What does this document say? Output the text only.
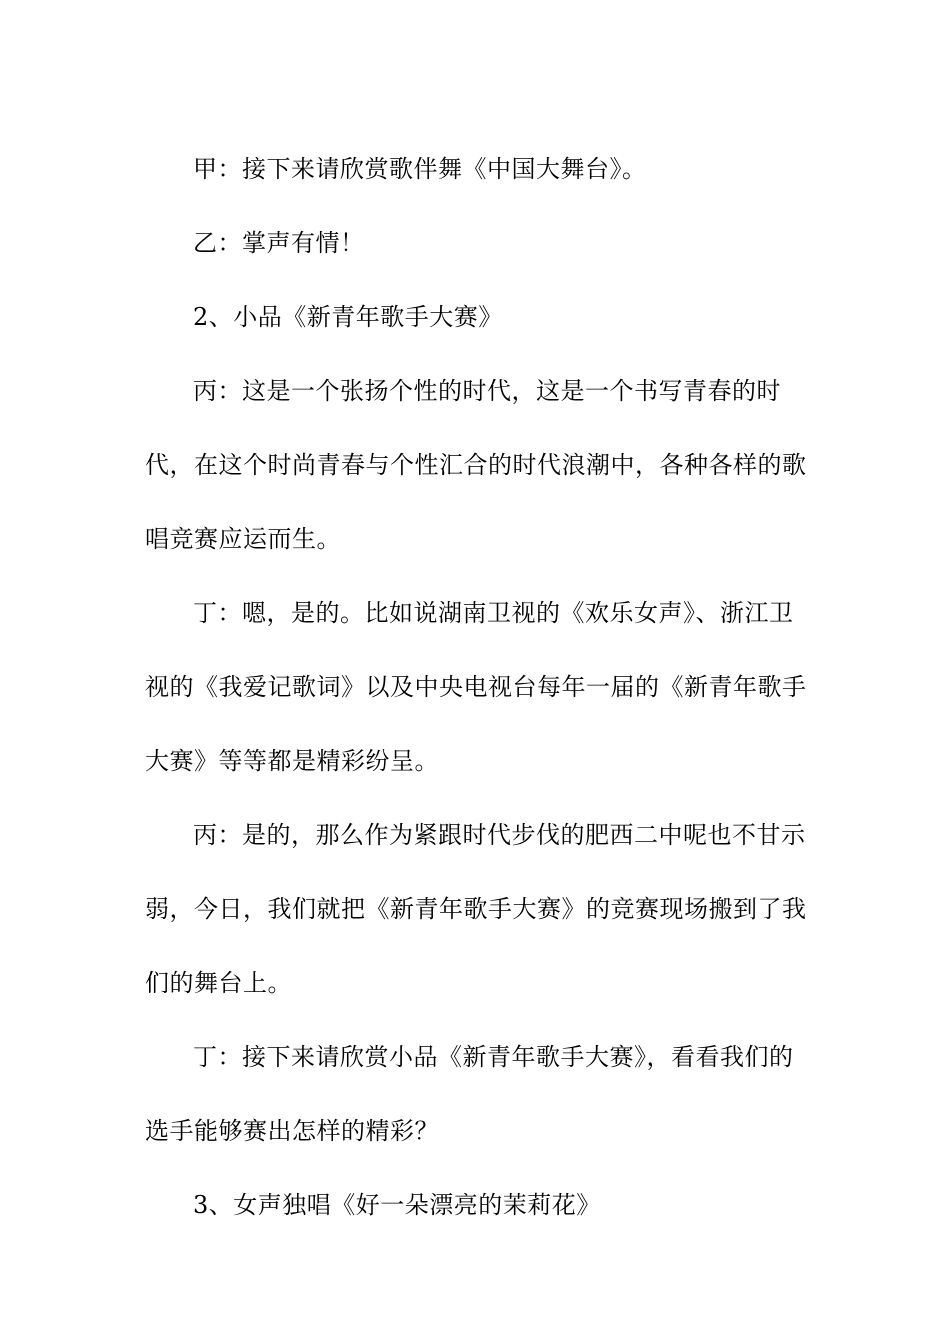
甲：接下来请欣赏歌伴舞《中国大舞台》。

乙：掌声有情！

2、小品《新青年歌手大赛》

丙：这是一个张扬个性的时代，这是一个书写青春的时代，在这个时尚青春与个性汇合的时代浪潮中，各种各样的歌唱竞赛应运而生。

丁：嗯，是的。比如说湖南卫视的《欢乐女声》、浙江卫视的《我爱记歌词》以及中央电视台每年一届的《新青年歌手大赛》等等都是精彩纷呈。

丙：是的，那么作为紧跟时代步伐的肥西二中呢也不甘示弱，今日，我们就把《新青年歌手大赛》的竞赛现场搬到了我们的舞台上。

丁：接下来请欣赏小品《新青年歌手大赛》，看看我们的选手能够赛出怎样的精彩？

3、女声独唱《好一朵漂亮的茉莉花》
